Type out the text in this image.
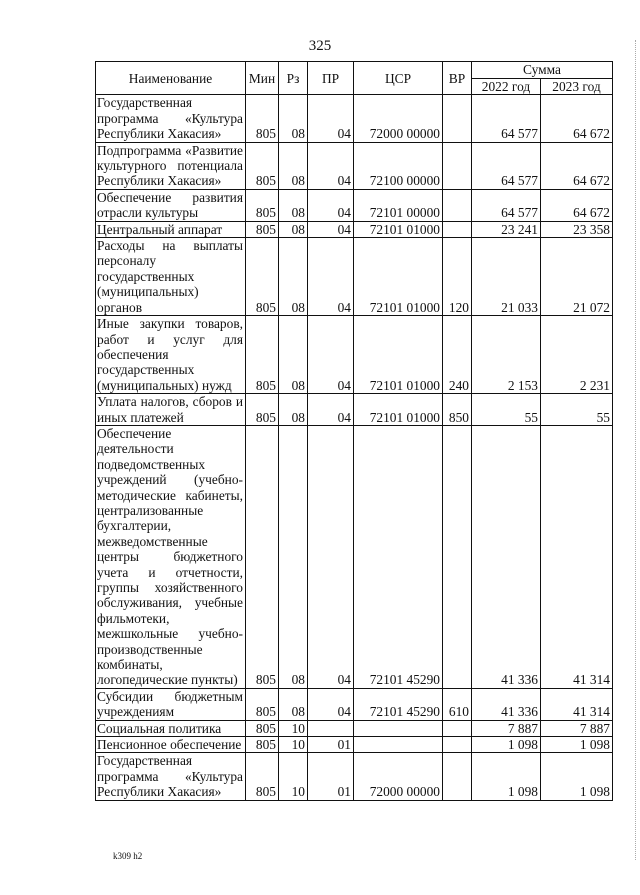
325
Наименование	Мин	Рз	ПР	ЦСР	ВР	Сумма	
						2022 год	2023 год
Государственная программа «Культура Республики Хакасия»	805	08	04	72000 00000		64 577	64 672
Подпрограмма «Развитие культурного потенциала Республики Хакасия»	805	08	04	72100 00000		64 577	64 672
Обеспечение развития отрасли культуры	805	08	04	72101 00000		64 577	64 672
Центральный аппарат	805	08	04	72101 01000		23 241	23 358
Расходы на выплаты персоналу государственных (муниципальных) органов	805	08	04	72101 01000	120	21 033	21 072
Иные закупки товаров, работ и услуг для обеспечения государственных (муниципальных) нужд	805	08	04	72101 01000	240	2 153	2 231
Уплата налогов, сборов и иных платежей	805	08	04	72101 01000	850	55	55
Обеспечение деятельности подведомственных учреждений (учебно-методические кабинеты, централизованные бухгалтерии, межведомственные центры бюджетного учета и отчетности, группы хозяйственного обслуживания, учебные фильмотеки, межшкольные учебно-производственные комбинаты, логопедические пункты)	805	08	04	72101 45290		41 336	41 314
Субсидии бюджетным учреждениям	805	08	04	72101 45290	610	41 336	41 314
Социальная политика	805	10				7 887	7 887
Пенсионное обеспечение	805	10	01			1 098	1 098
Государственная программа «Культура Республики Хакасия»	805	10	01	72000 00000		1 098	1 098
k309 h2
